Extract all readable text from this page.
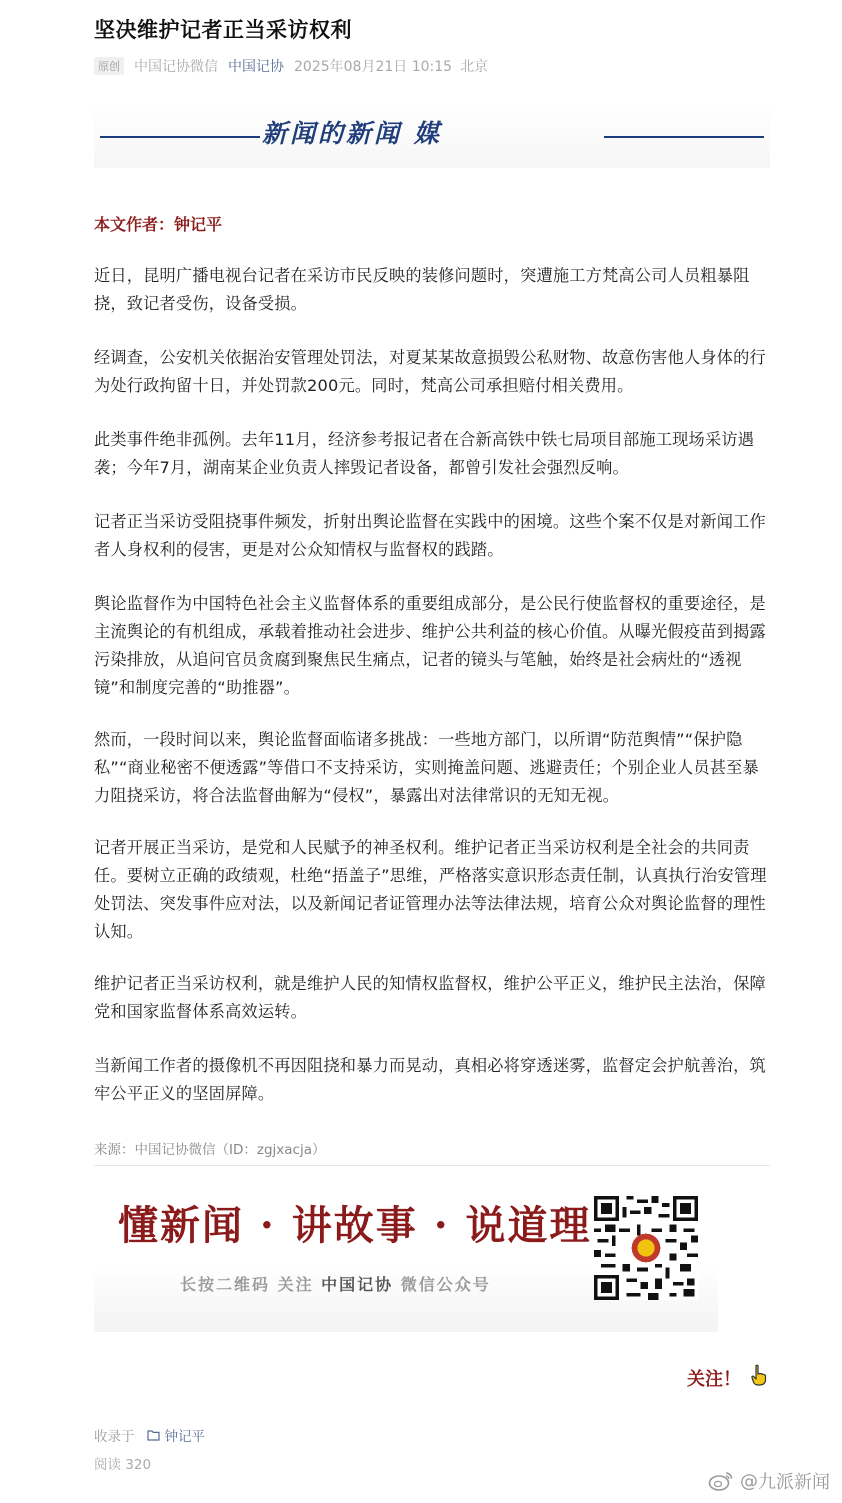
坚决维护记者正当采访权利
原创 中国记协微信 中国记协 2025年08月21日 10:15 北京
新闻的新闻 媒
本文作者：钟记平
近日，昆明广播电视台记者在采访市民反映的装修问题时，突遭施工方梵高公司人员粗暴阻挠，致记者受伤，设备受损。
经调查，公安机关依据治安管理处罚法，对夏某某故意损毁公私财物、故意伤害他人身体的行为处行政拘留十日，并处罚款200元。同时，梵高公司承担赔付相关费用。
此类事件绝非孤例。去年11月，经济参考报记者在合新高铁中铁七局项目部施工现场采访遇袭；今年7月，湖南某企业负责人摔毁记者设备，都曾引发社会强烈反响。
记者正当采访受阻挠事件频发，折射出舆论监督在实践中的困境。这些个案不仅是对新闻工作者人身权利的侵害，更是对公众知情权与监督权的践踏。
舆论监督作为中国特色社会主义监督体系的重要组成部分，是公民行使监督权的重要途径，是主流舆论的有机组成，承载着推动社会进步、维护公共利益的核心价值。从曝光假疫苗到揭露污染排放，从追问官员贪腐到聚焦民生痛点，记者的镜头与笔触，始终是社会病灶的“透视镜”和制度完善的“助推器”。
然而，一段时间以来，舆论监督面临诸多挑战：一些地方部门，以所谓“防范舆情”“保护隐私”“商业秘密不便透露”等借口不支持采访，实则掩盖问题、逃避责任；个别企业人员甚至暴力阻挠采访，将合法监督曲解为“侵权”，暴露出对法律常识的无知无视。
记者开展正当采访，是党和人民赋予的神圣权利。维护记者正当采访权利是全社会的共同责任。要树立正确的政绩观，杜绝“捂盖子”思维，严格落实意识形态责任制，认真执行治安管理处罚法、突发事件应对法，以及新闻记者证管理办法等法律法规，培育公众对舆论监督的理性认知。
维护记者正当采访权利，就是维护人民的知情权监督权，维护公平正义，维护民主法治，保障党和国家监督体系高效运转。
当新闻工作者的摄像机不再因阻挠和暴力而晃动，真相必将穿透迷雾，监督定会护航善治，筑牢公平正义的坚固屏障。
来源：中国记协微信（ID：zgjxacja）
懂新闻 · 讲故事 · 说道理
长按二维码 关注 中国记协 微信公众号
关注！
收录于 钟记平
阅读 320
@ 九派新闻
